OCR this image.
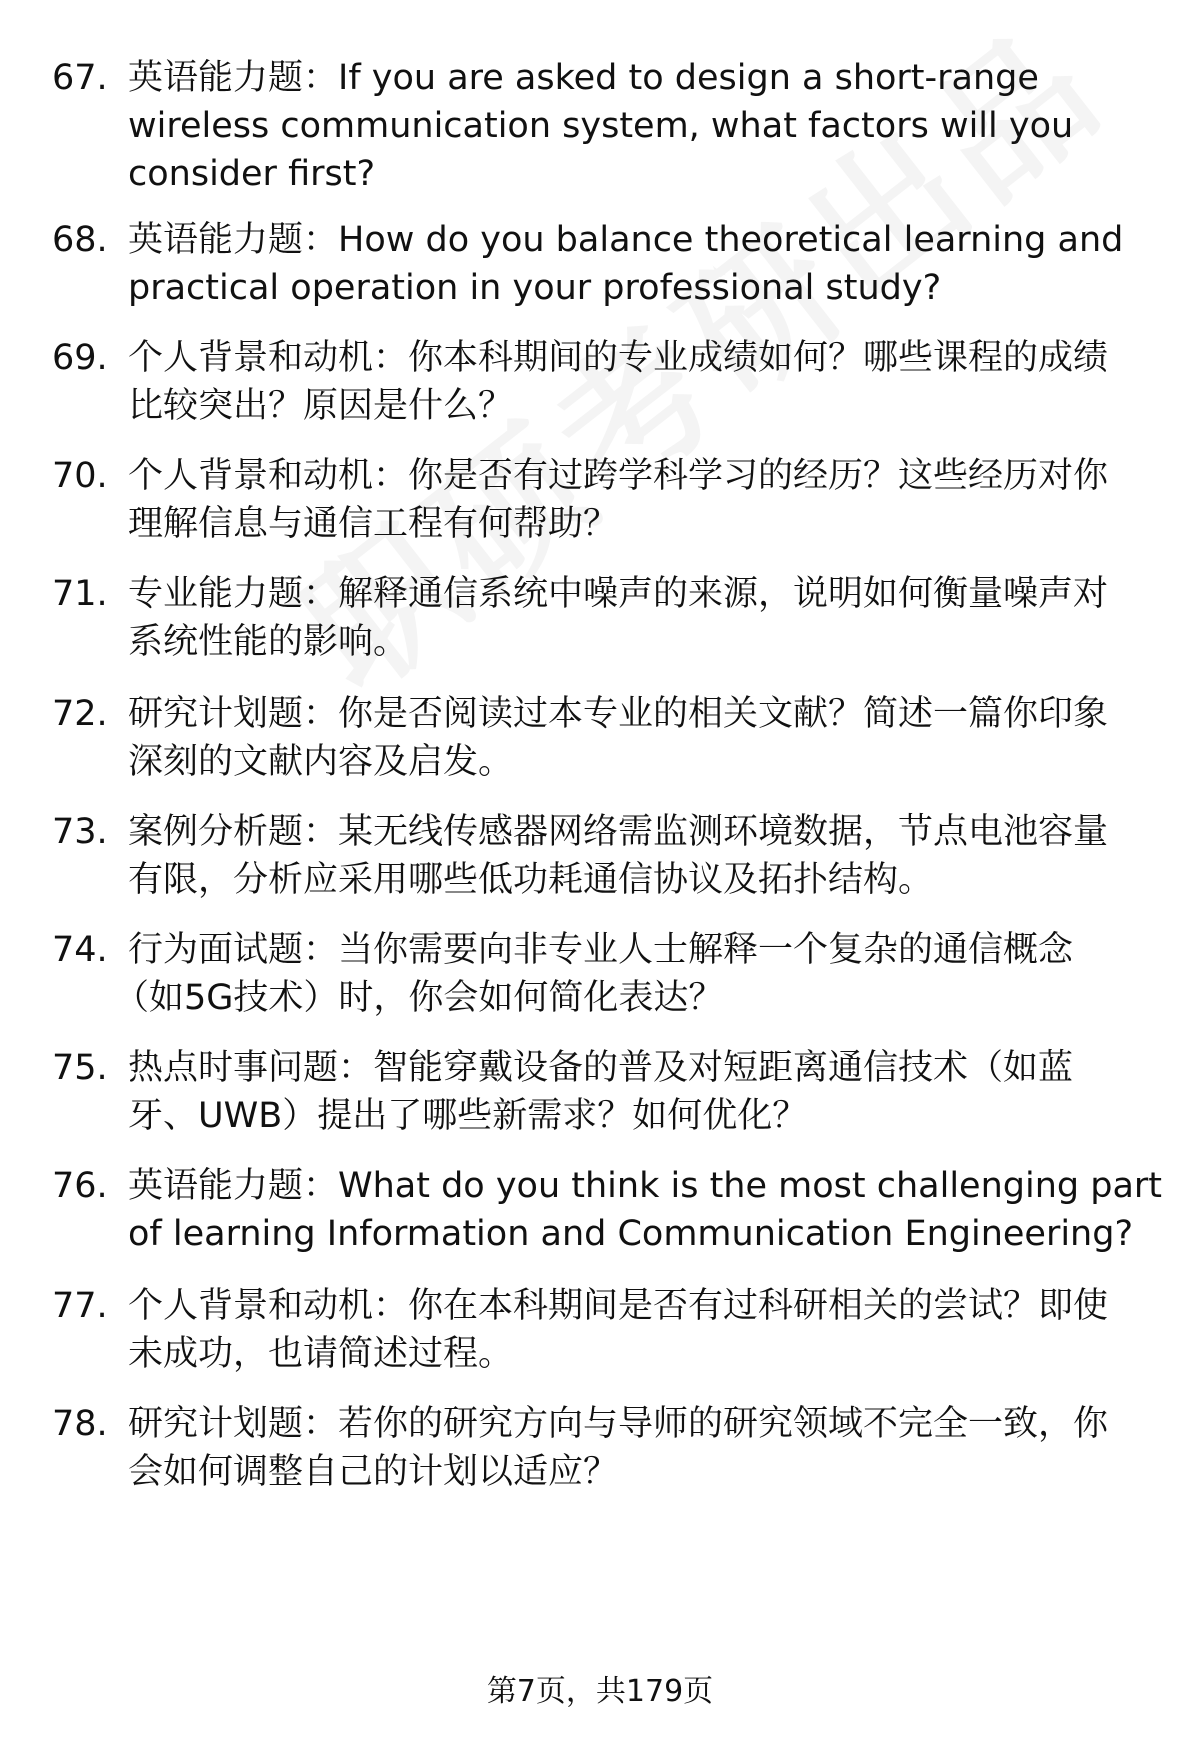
67. 英语能力题：If you are asked to design a short-range
wireless communication system, what factors will you
consider first?
68. 英语能力题：How do you balance theoretical learning and
practical operation in your professional study?
69. 个人背景和动机：你本科期间的专业成绩如何？哪些课程的成绩
比较突出？原因是什么？
70. 个人背景和动机：你是否有过跨学科学习的经历？这些经历对你
理解信息与通信工程有何帮助？
71. 专业能力题：解释通信系统中噪声的来源，说明如何衡量噪声对
系统性能的影响。
72. 研究计划题：你是否阅读过本专业的相关文献？简述一篇你印象
深刻的文献内容及启发。
73. 案例分析题：某无线传感器网络需监测环境数据，节点电池容量
有限，分析应采用哪些低功耗通信协议及拓扑结构。
74. 行为面试题：当你需要向非专业人士解释一个复杂的通信概念
（如5G技术）时，你会如何简化表达？
75. 热点时事问题：智能穿戴设备的普及对短距离通信技术（如蓝
牙、UWB）提出了哪些新需求？如何优化？
76. 英语能力题：What do you think is the most challenging part
of learning Information and Communication Engineering?
77. 个人背景和动机：你在本科期间是否有过科研相关的尝试？即使
未成功，也请简述过程。
78. 研究计划题：若你的研究方向与导师的研究领域不完全一致，你
会如何调整自己的计划以适应？
第7页，共179页
